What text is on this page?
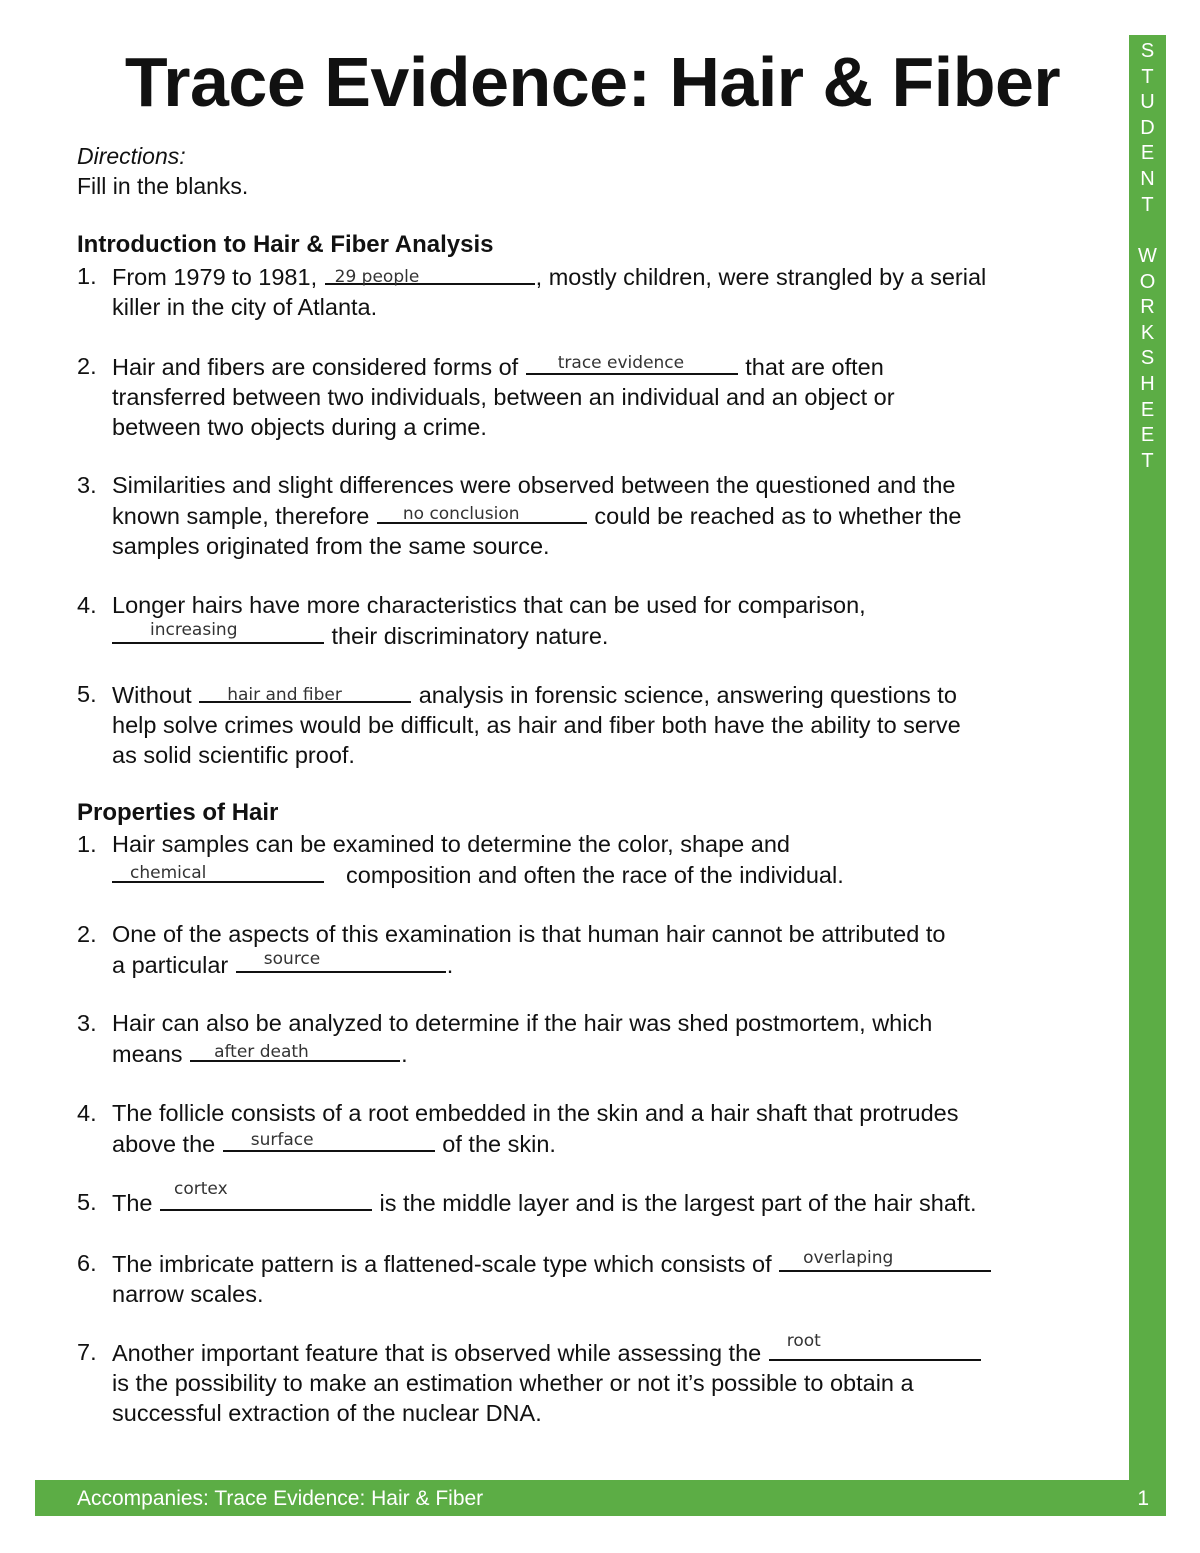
Trace Evidence: Hair & Fiber
Directions:
Fill in the blanks.
Introduction to Hair & Fiber Analysis
1. From 1979 to 1981, 29 people	, mostly children, were strangled by a serial
killer in the city of Atlanta.
2. Hair and fibers are considered forms of trace evidence that are often
transferred between two individuals, between an individual and an object or
between two objects during a crime.
3. Similarities and slight differences were observed between the questioned and the
known sample, therefore no conclusion	could be reached as to whether the
samples originated from the same source.
4. Longer hairs have more characteristics that can be used for comparison,

increasing	their discriminatory nature.
5. Without hair and fiber	analysis in forensic science, answering questions to
help solve crimes would be difficult, as hair and fiber both have the ability to serve
as solid scientific proof.
Properties of Hair
1. Hair samples can be examined to determine the color, shape and

chemical	composition and often the race of the individual.
2. One of the aspects of this examination is that human hair cannot be attributed to
a particular source	.
3. Hair can also be analyzed to determine if the hair was shed postmortem, which
means after death	.
4. The follicle consists of a root embedded in the skin and a hair shaft that protrudes
above the surface	of the skin.
5. The
cortex
is the middle layer and is the largest part of the hair shaft.
6. The imbricate pattern is a flattened-scale type which consists of overlaping

narrow scales.
7. Another important feature that is observed while assessing the root

is the possibility to make an estimation whether or not it’s possible to obtain a
successful extraction of the nuclear DNA.
S
T
U
D
E
N
T
W
O
R
K
S
H
E
E
T
Accompanies: Trace Evidence: Hair & Fiber	1
